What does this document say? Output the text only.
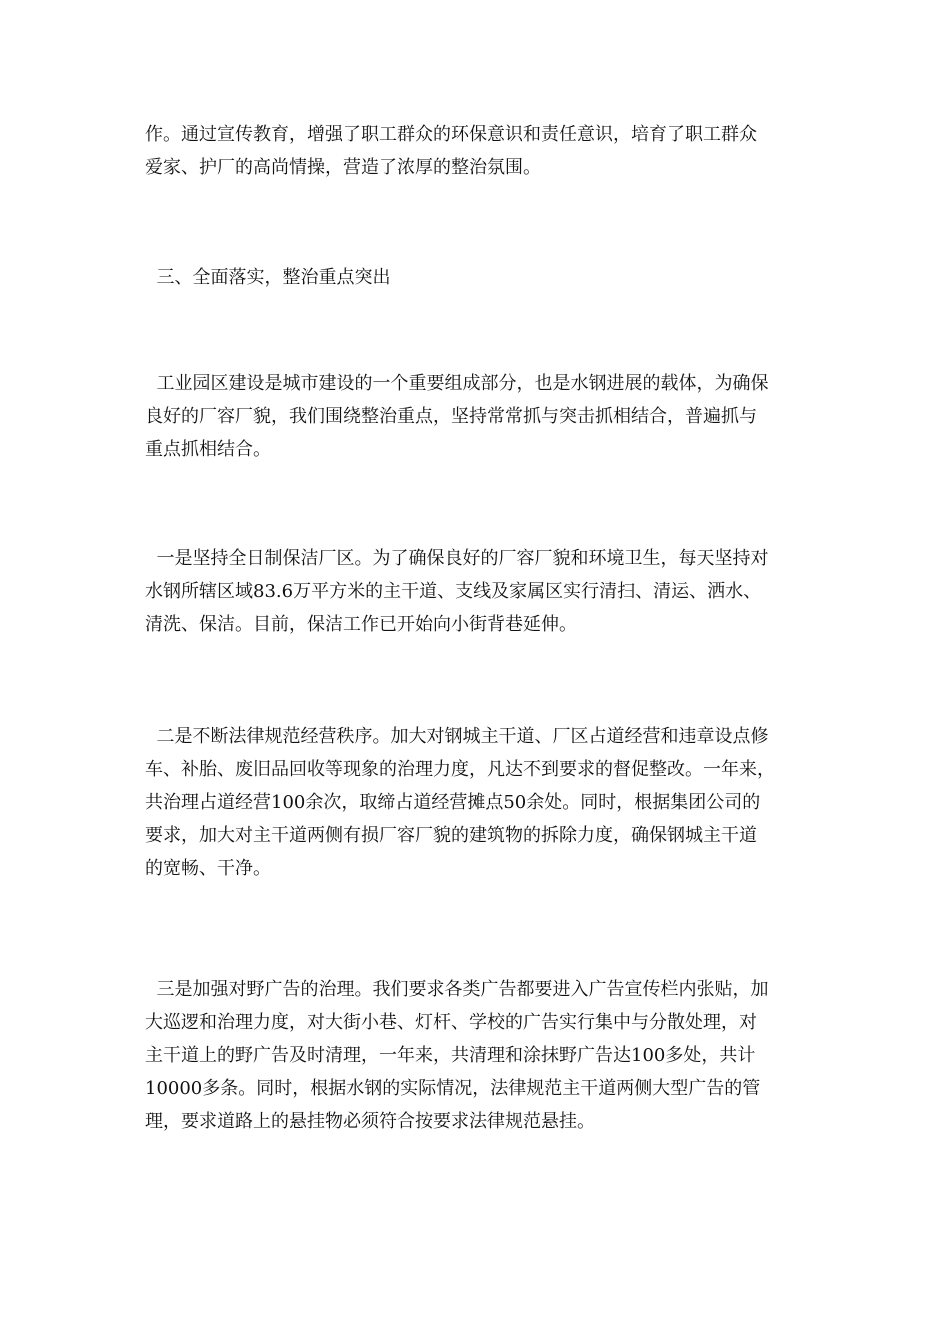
作。通过宣传教育，增强了职工群众的环保意识和责任意识，培育了职工群众
爱家、护厂的高尚情操，营造了浓厚的整治氛围。

三、全面落实，整治重点突出

工业园区建设是城市建设的一个重要组成部分，也是水钢进展的载体，为确保
良好的厂容厂貌，我们围绕整治重点，坚持常常抓与突击抓相结合，普遍抓与
重点抓相结合。

一是坚持全日制保洁厂区。为了确保良好的厂容厂貌和环境卫生，每天坚持对
水钢所辖区域83.6万平方米的主干道、支线及家属区实行清扫、清运、洒水、
清洗、保洁。目前，保洁工作已开始向小街背巷延伸。

二是不断法律规范经营秩序。加大对钢城主干道、厂区占道经营和违章设点修
车、补胎、废旧品回收等现象的治理力度，凡达不到要求的督促整改。一年来，
共治理占道经营100余次，取缔占道经营摊点50余处。同时，根据集团公司的
要求，加大对主干道两侧有损厂容厂貌的建筑物的拆除力度，确保钢城主干道
的宽畅、干净。

三是加强对野广告的治理。我们要求各类广告都要进入广告宣传栏内张贴，加
大巡逻和治理力度，对大街小巷、灯杆、学校的广告实行集中与分散处理，对
主干道上的野广告及时清理，一年来，共清理和涂抹野广告达100多处，共计
10000多条。同时，根据水钢的实际情况，法律规范主干道两侧大型广告的管
理，要求道路上的悬挂物必须符合按要求法律规范悬挂。
